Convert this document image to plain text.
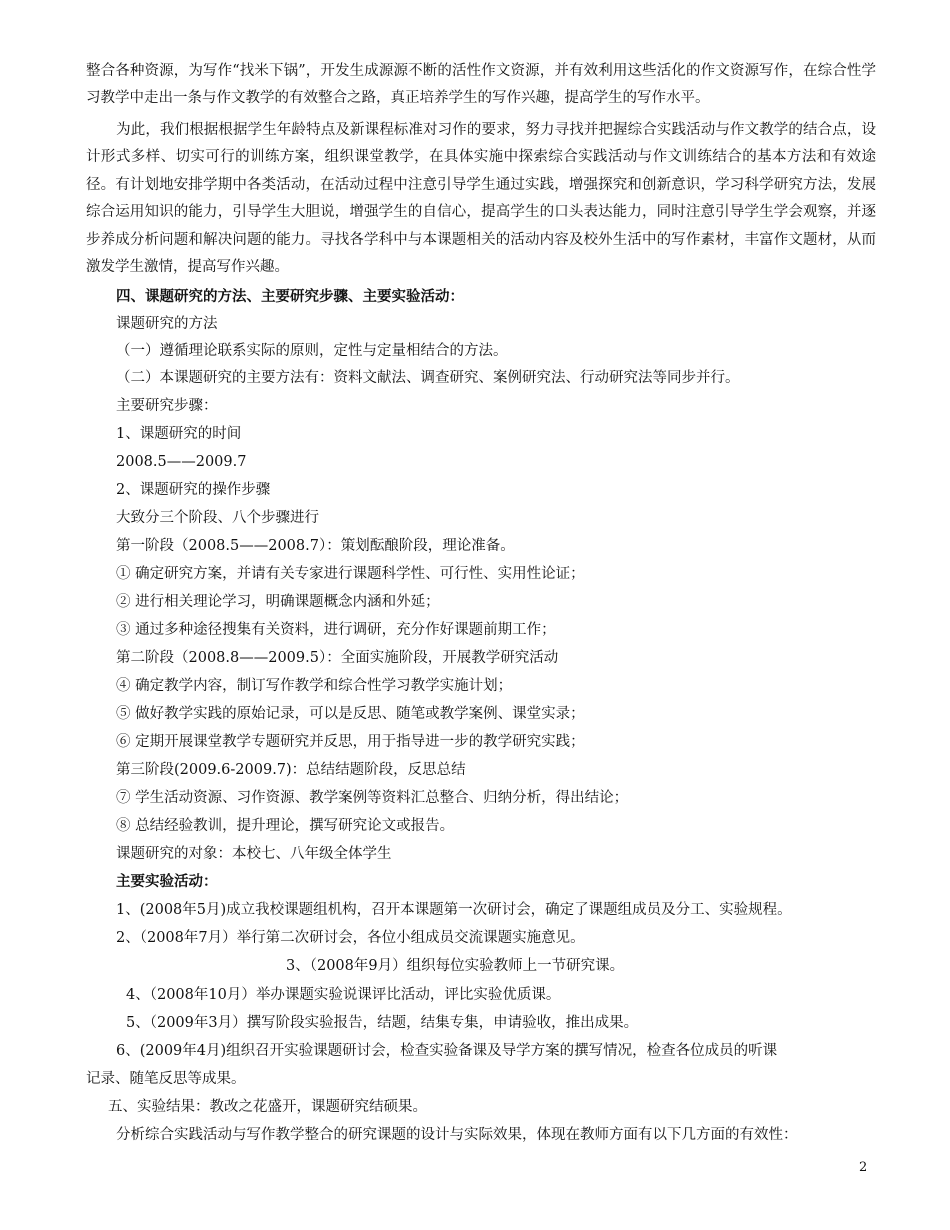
整合各种资源，为写作“找米下锅”，开发生成源源不断的活性作文资源，并有效利用这些活化的作文资源写作，在综合性学习教学中走出一条与作文教学的有效整合之路，真正培养学生的写作兴趣，提高学生的写作水平。
为此，我们根据根据学生年龄特点及新课程标准对习作的要求，努力寻找并把握综合实践活动与作文教学的结合点，设计形式多样、切实可行的训练方案，组织课堂教学，在具体实施中探索综合实践活动与作文训练结合的基本方法和有效途径。有计划地安排学期中各类活动，在活动过程中注意引导学生通过实践，增强探究和创新意识，学习科学研究方法，发展综合运用知识的能力，引导学生大胆说，增强学生的自信心，提高学生的口头表达能力，同时注意引导学生学会观察，并逐步养成分析问题和解决问题的能力。寻找各学科中与本课题相关的活动内容及校外生活中的写作素材，丰富作文题材，从而激发学生激情，提高写作兴趣。
四、课题研究的方法、主要研究步骤、主要实验活动：
课题研究的方法
（一）遵循理论联系实际的原则，定性与定量相结合的方法。
（二）本课题研究的主要方法有：资料文献法、调查研究、案例研究法、行动研究法等同步并行。
主要研究步骤：
1、课题研究的时间
2008.5——2009.7
2、课题研究的操作步骤
大致分三个阶段、八个步骤进行
第一阶段（2008.5——2008.7）：策划酝酿阶段，理论准备。
① 确定研究方案，并请有关专家进行课题科学性、可行性、实用性论证；
② 进行相关理论学习，明确课题概念内涵和外延；
③ 通过多种途径搜集有关资料，进行调研，充分作好课题前期工作；
第二阶段（2008.8——2009.5）：全面实施阶段，开展教学研究活动
④ 确定教学内容，制订写作教学和综合性学习教学实施计划；
⑤ 做好教学实践的原始记录，可以是反思、随笔或教学案例、课堂实录；
⑥ 定期开展课堂教学专题研究并反思，用于指导进一步的教学研究实践；
第三阶段(2009.6-2009.7)：总结结题阶段，反思总结
⑦ 学生活动资源、习作资源、教学案例等资料汇总整合、归纳分析，得出结论；
⑧ 总结经验教训，提升理论，撰写研究论文或报告。
课题研究的对象：本校七、八年级全体学生
主要实验活动：
1、(2008年5月)成立我校课题组机构，召开本课题第一次研讨会，确定了课题组成员及分工、实验规程。
2、（2008年7月）举行第二次研讨会，各位小组成员交流课题实施意见。
3、（2008年9月）组织每位实验教师上一节研究课。
4、（2008年10月）举办课题实验说课评比活动，评比实验优质课。
5、（2009年3月）撰写阶段实验报告，结题，结集专集，申请验收，推出成果。
6、(2009年4月)组织召开实验课题研讨会，检查实验备课及导学方案的撰写情况，检查各位成员的听课
记录、随笔反思等成果。
五、实验结果：教改之花盛开，课题研究结硕果。
分析综合实践活动与写作教学整合的研究课题的设计与实际效果，体现在教师方面有以下几方面的有效性：
2
